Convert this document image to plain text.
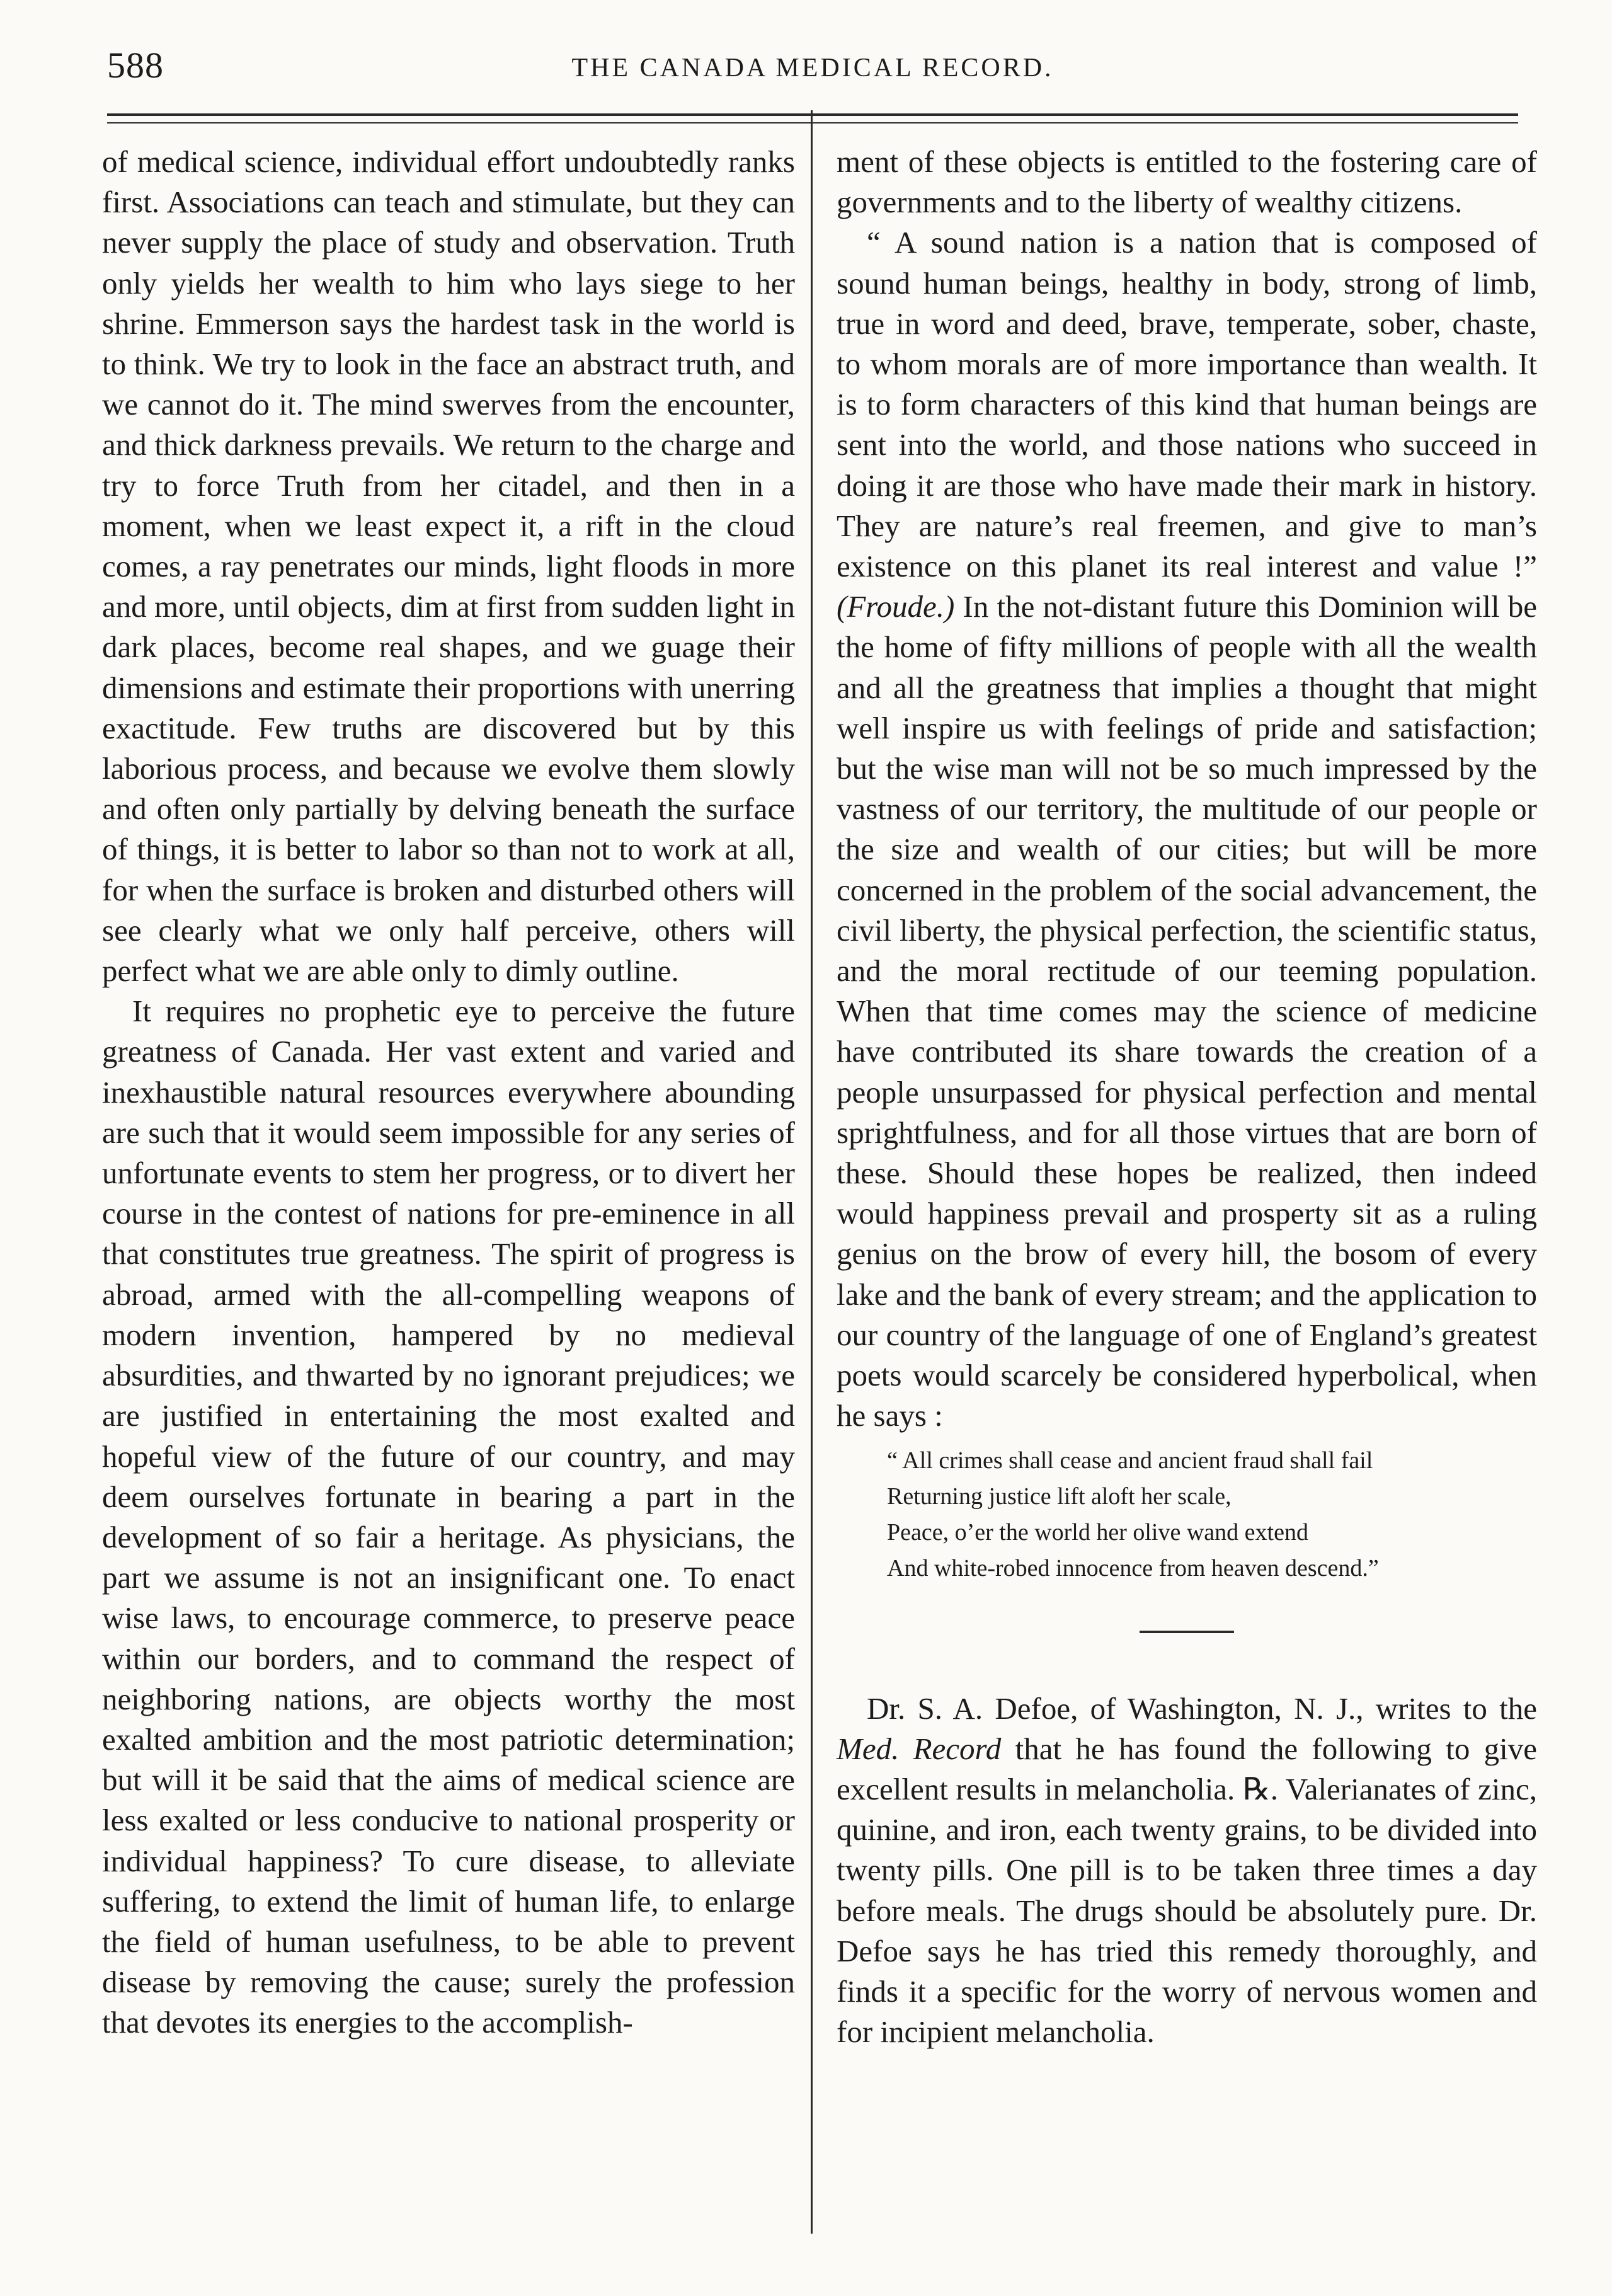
588	THE CANADA MEDICAL RECORD.

of medical science, individual effort undoubtedly ranks first. Associations can teach and stimulate, but they can never supply the place of study and observation. Truth only yields her wealth to him who lays siege to her shrine. Emmerson says the hardest task in the world is to think. We try to look in the face an abstract truth, and we cannot do it. The mind swerves from the encounter, and thick darkness prevails. We return to the charge and try to force Truth from her citadel, and then in a moment, when we least expect it, a rift in the cloud comes, a ray penetrates our minds, light floods in more and more, until objects, dim at first from sudden light in dark places, become real shapes, and we guage their dimensions and estimate their proportions with unerring exactitude. Few truths are discovered but by this laborious process, and because we evolve them slowly and often only partially by delving beneath the surface of things, it is better to labor so than not to work at all, for when the surface is broken and disturbed others will see clearly what we only half perceive, others will perfect what we are able only to dimly outline.

It requires no prophetic eye to perceive the future greatness of Canada. Her vast extent and varied and inexhaustible natural resources everywhere abounding are such that it would seem impossible for any series of unfortunate events to stem her progress, or to divert her course in the contest of nations for pre-eminence in all that constitutes true greatness. The spirit of progress is abroad, armed with the all-compelling weapons of modern invention, hampered by no medieval absurdities, and thwarted by no ignorant prejudices; we are justified in entertaining the most exalted and hopeful view of the future of our country, and may deem ourselves fortunate in bearing a part in the development of so fair a heritage. As physicians, the part we assume is not an insignificant one. To enact wise laws, to encourage commerce, to preserve peace within our borders, and to command the respect of neighboring nations, are objects worthy the most exalted ambition and the most patriotic determination; but will it be said that the aims of medical science are less exalted or less conducive to national prosperity or individual happiness? To cure disease, to alleviate suffering, to extend the limit of human life, to enlarge the field of human usefulness, to be able to prevent disease by removing the cause; surely the profession that devotes its energies to the accomplish-

ment of these objects is entitled to the fostering care of governments and to the liberty of wealthy citizens.

“ A sound nation is a nation that is composed of sound human beings, healthy in body, strong of limb, true in word and deed, brave, temperate, sober, chaste, to whom morals are of more importance than wealth. It is to form characters of this kind that human beings are sent into the world, and those nations who succeed in doing it are those who have made their mark in history. They are nature’s real freemen, and give to man’s existence on this planet its real interest and value !” (Froude.) In the not-distant future this Dominion will be the home of fifty millions of people with all the wealth and all the greatness that implies a thought that might well inspire us with feelings of pride and satisfaction; but the wise man will not be so much impressed by the vastness of our territory, the multitude of our people or the size and wealth of our cities; but will be more concerned in the problem of the social advancement, the civil liberty, the physical perfection, the scientific status, and the moral rectitude of our teeming population. When that time comes may the science of medicine have contributed its share towards the creation of a people unsurpassed for physical perfection and mental sprightfulness, and for all those virtues that are born of these. Should these hopes be realized, then indeed would happiness prevail and prosperty sit as a ruling genius on the brow of every hill, the bosom of every lake and the bank of every stream; and the application to our country of the language of one of England’s greatest poets would scarcely be considered hyperbolical, when he says :

“ All crimes shall cease and ancient fraud shall fail
Returning justice lift aloft her scale,
Peace, o’er the world her olive wand extend
And white-robed innocence from heaven descend.”

Dr. S. A. Defoe, of Washington, N. J., writes to the Med. Record that he has found the following to give excellent results in melancholia. ℞. Valerianates of zinc, quinine, and iron, each twenty grains, to be divided into twenty pills. One pill is to be taken three times a day before meals. The drugs should be absolutely pure. Dr. Defoe says he has tried this remedy thoroughly, and finds it a specific for the worry of nervous women and for incipient melancholia.
